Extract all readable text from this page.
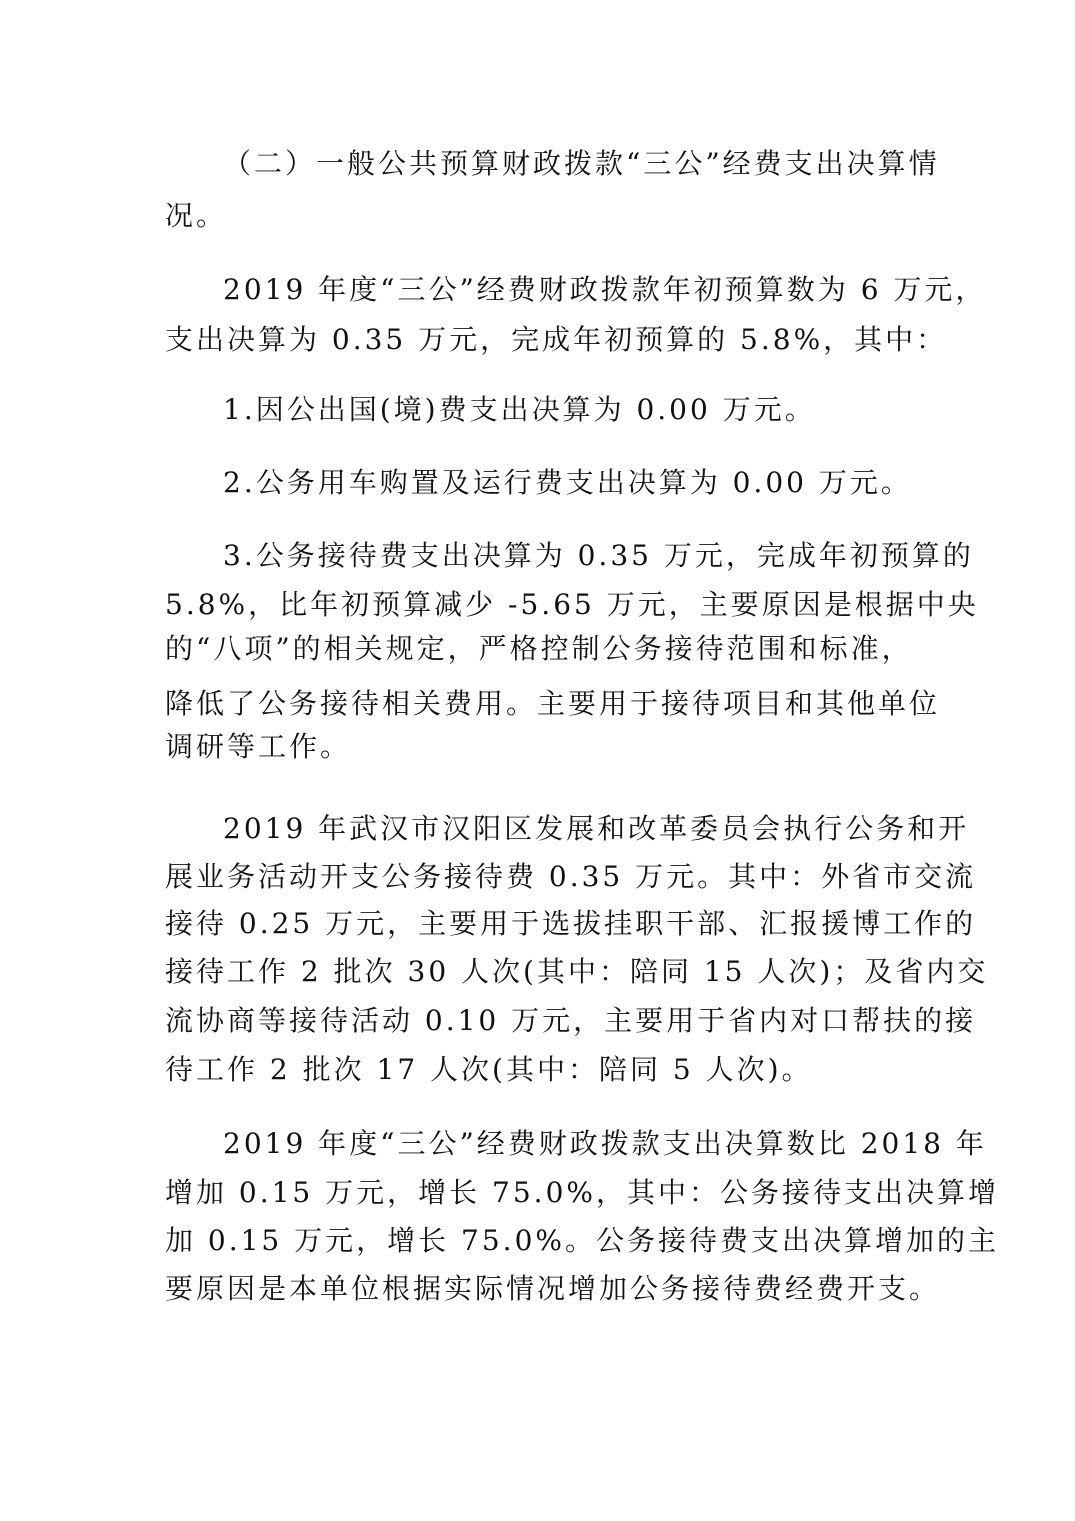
（二）一般公共预算财政拨款“三公”经费支出决算情
况。
2019 年度“三公”经费财政拨款年初预算数为 6 万元，
支出决算为 0.35 万元，完成年初预算的 5.8%，其中：
1.因公出国(境)费支出决算为 0.00 万元。
2.公务用车购置及运行费支出决算为 0.00 万元。
3.公务接待费支出决算为 0.35 万元，完成年初预算的
5.8%，比年初预算减少 -5.65 万元，主要原因是根据中央
的“八项”的相关规定，严格控制公务接待范围和标准，
降低了公务接待相关费用。主要用于接待项目和其他单位
调研等工作。
2019 年武汉市汉阳区发展和改革委员会执行公务和开
展业务活动开支公务接待费 0.35 万元。其中：外省市交流
接待 0.25 万元，主要用于选拔挂职干部、汇报援博工作的
接待工作 2 批次 30 人次(其中：陪同 15 人次)；及省内交
流协商等接待活动 0.10 万元，主要用于省内对口帮扶的接
待工作 2 批次 17 人次(其中：陪同 5 人次)。
2019 年度“三公”经费财政拨款支出决算数比 2018 年
增加 0.15 万元，增长 75.0%，其中：公务接待支出决算增
加 0.15 万元，增长 75.0%。公务接待费支出决算增加的主
要原因是本单位根据实际情况增加公务接待费经费开支。
